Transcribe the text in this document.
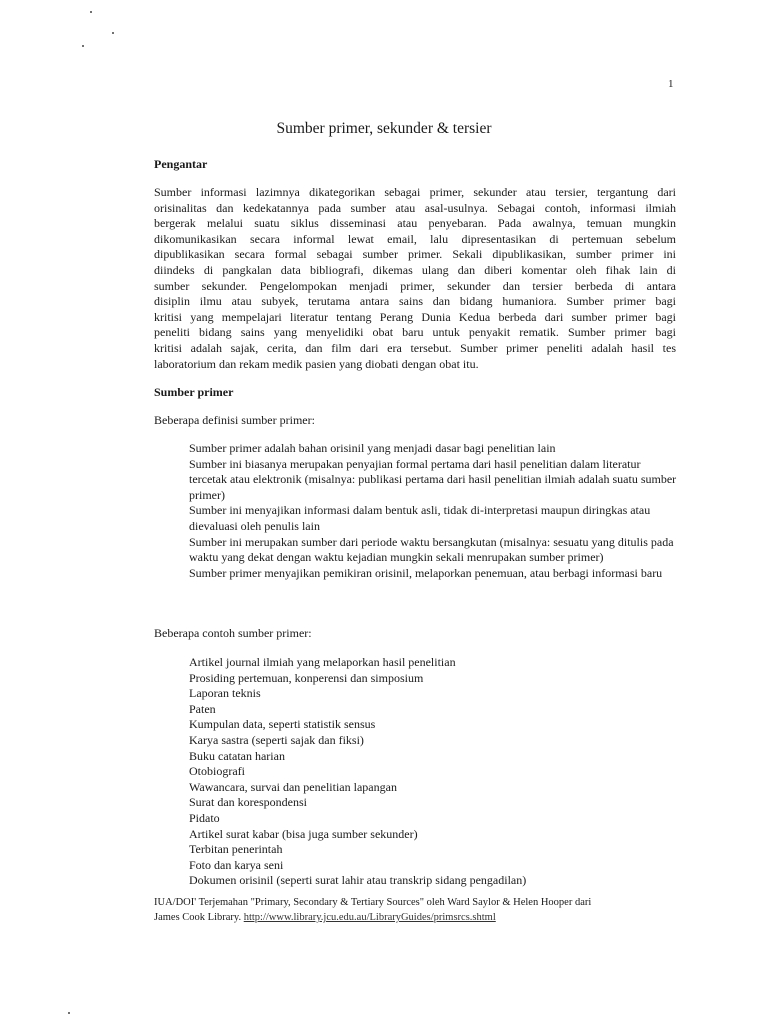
1
Sumber primer, sekunder & tersier
Pengantar
Sumber informasi lazimnya dikategorikan sebagai primer, sekunder atau tersier, tergantung dari
orisinalitas dan kedekatannya pada sumber atau asal-usulnya. Sebagai contoh, informasi ilmiah
bergerak melalui suatu siklus disseminasi atau penyebaran. Pada awalnya, temuan mungkin
dikomunikasikan secara informal lewat email, lalu dipresentasikan di pertemuan sebelum
dipublikasikan secara formal sebagai sumber primer. Sekali dipublikasikan, sumber primer ini
diindeks di pangkalan data bibliografi, dikemas ulang dan diberi komentar oleh fihak lain di
sumber sekunder. Pengelompokan menjadi primer, sekunder dan tersier berbeda di antara
disiplin ilmu atau subyek, terutama antara sains dan bidang humaniora. Sumber primer bagi
kritisi yang mempelajari literatur tentang Perang Dunia Kedua berbeda dari sumber primer bagi
peneliti bidang sains yang menyelidiki obat baru untuk penyakit rematik. Sumber primer bagi
kritisi adalah sajak, cerita, dan film dari era tersebut. Sumber primer peneliti adalah hasil tes
laboratorium dan rekam medik pasien yang diobati dengan obat itu.
Sumber primer
Beberapa definisi sumber primer:

Sumber primer adalah bahan orisinil yang menjadi dasar bagi penelitian lain

Sumber ini biasanya merupakan penyajian formal pertama dari hasil penelitian dalam literatur tercetak atau elektronik (misalnya: publikasi pertama dari hasil penelitian ilmiah adalah suatu sumber primer)

Sumber ini menyajikan informasi dalam bentuk asli, tidak di-interpretasi maupun diringkas atau dievaluasi oleh penulis lain

Sumber ini merupakan sumber dari periode waktu bersangkutan (misalnya: sesuatu yang ditulis pada waktu yang dekat dengan waktu kejadian mungkin sekali menrupakan sumber primer)

Sumber primer menyajikan pemikiran orisinil, melaporkan penemuan, atau berbagi informasi baru

Beberapa contoh sumber primer:

Artikel journal ilmiah yang melaporkan hasil penelitian

Prosiding pertemuan, konperensi dan simposium

Laporan teknis

Paten

Kumpulan data, seperti statistik sensus

Karya sastra (seperti sajak dan fiksi)

Buku catatan harian

Otobiografi

Wawancara, survai dan penelitian lapangan

Surat dan korespondensi

Pidato

Artikel surat kabar (bisa juga sumber sekunder)

Terbitan penerintah

Foto dan karya seni

Dokumen orisinil (seperti surat lahir atau transkrip sidang pengadilan)

IUA/DOI' Terjemahan "Primary, Secondary & Tertiary Sources" oleh Ward Saylor & Helen Hooper dari
James Cook Library. http://www.library.jcu.edu.au/LibraryGuides/primsrcs.shtml
